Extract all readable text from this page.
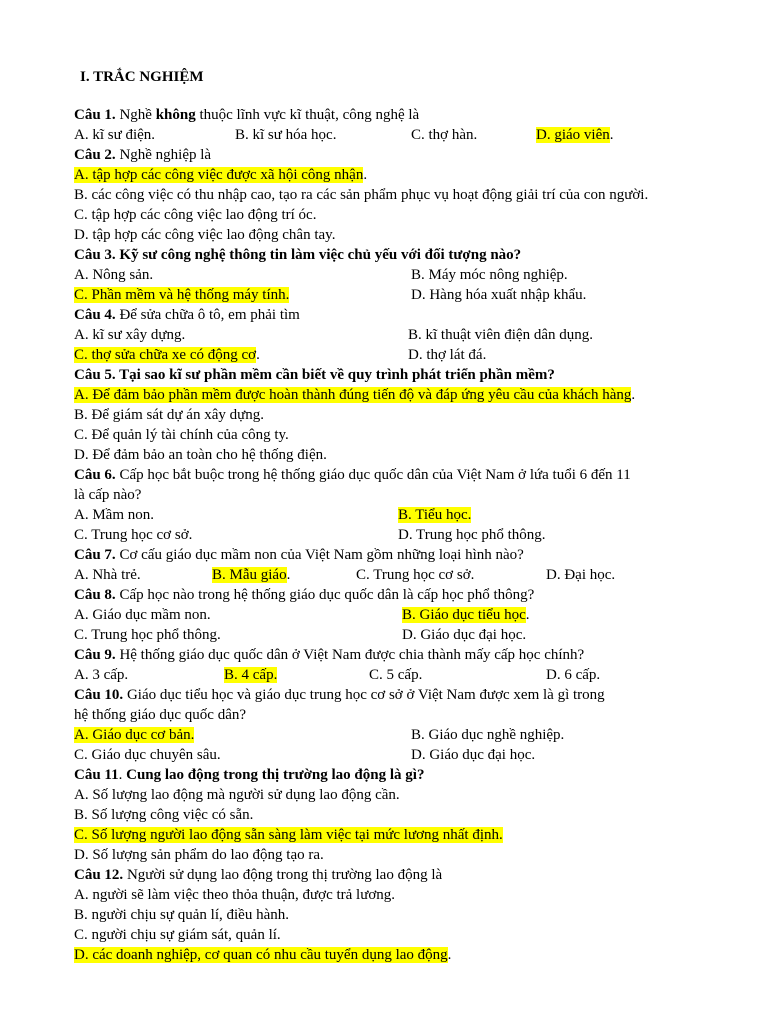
I. TRẮC NGHIỆM
Câu 1. Nghề không thuộc lĩnh vực kĩ thuật, công nghệ là
A. kĩ sư điện.	B. kĩ sư hóa học.	C. thợ hàn.	D. giáo viên.
Câu 2. Nghề nghiệp là
A. tập hợp các công việc được xã hội công nhận.
B. các công việc có thu nhập cao, tạo ra các sản phẩm phục vụ hoạt động giải trí của con người.
C. tập hợp các công việc lao động trí óc.
D. tập hợp các công việc lao động chân tay.
Câu 3. Kỹ sư công nghệ thông tin làm việc chủ yếu với đối tượng nào?
A. Nông sản.	B. Máy móc nông nghiệp.
C. Phần mềm và hệ thống máy tính.	D. Hàng hóa xuất nhập khẩu.
Câu 4. Để sửa chữa ô tô, em phải tìm
A. kĩ sư xây dựng.	B. kĩ thuật viên điện dân dụng.
C. thợ sửa chữa xe có động cơ.	D. thợ lát đá.
Câu 5. Tại sao kĩ sư phần mềm cần biết về quy trình phát triển phần mềm?
A. Để đảm bảo phần mềm được hoàn thành đúng tiến độ và đáp ứng yêu cầu của khách hàng.
B. Để giám sát dự án xây dựng.
C. Để quản lý tài chính của công ty.
D. Để đảm bảo an toàn cho hệ thống điện.
Câu 6. Cấp học bắt buộc trong hệ thống giáo dục quốc dân của Việt Nam ở lứa tuổi 6 đến 11
là cấp nào?
A. Mầm non.	B. Tiểu học.
C. Trung học cơ sở.	D. Trung học phổ thông.
Câu 7. Cơ cấu giáo dục mầm non của Việt Nam gồm những loại hình nào?
A. Nhà trẻ.	B. Mẫu giáo.	C. Trung học cơ sở.	D. Đại học.
Câu 8. Cấp học nào trong hệ thống giáo dục quốc dân là cấp học phổ thông?
A. Giáo dục mầm non.	B. Giáo dục tiểu học.
C. Trung học phổ thông.	D. Giáo dục đại học.
Câu 9. Hệ thống giáo dục quốc dân ở Việt Nam được chia thành mấy cấp học chính?
A. 3 cấp.	B. 4 cấp.	C. 5 cấp.	D. 6 cấp.
Câu 10. Giáo dục tiểu học và giáo dục trung học cơ sở ở Việt Nam được xem là gì trong
hệ thống giáo dục quốc dân?
A. Giáo dục cơ bản.	B. Giáo dục nghề nghiệp.
C. Giáo dục chuyên sâu.	D. Giáo dục đại học.
Câu 11. Cung lao động trong thị trường lao động là gì?
A. Số lượng lao động mà người sử dụng lao động cần.
B. Số lượng công việc có sẵn.
C. Số lượng người lao động sẵn sàng làm việc tại mức lương nhất định.
D. Số lượng sản phẩm do lao động tạo ra.
Câu 12. Người sử dụng lao động trong thị trường lao động là
A. người sẽ làm việc theo thỏa thuận, được trả lương.
B. người chịu sự quản lí, điều hành.
C. người chịu sự giám sát, quản lí.
D. các doanh nghiệp, cơ quan có nhu cầu tuyển dụng lao động.
